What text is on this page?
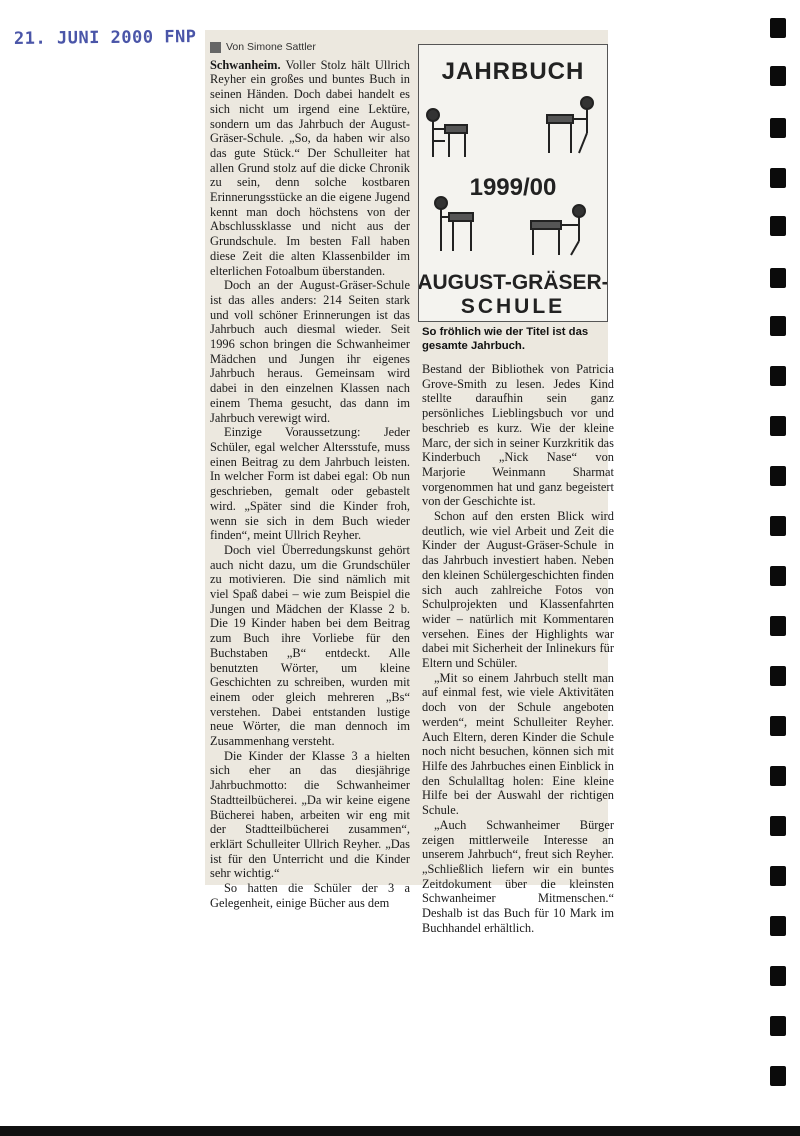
21. JUNI 2000 FNP	Von Simone Sattler

Schwanheim. Voller Stolz hält Ullrich Reyher ein großes und buntes Buch in seinen Händen. Doch dabei handelt es sich nicht um irgend eine Lektüre, sondern um das Jahrbuch der August-Gräser-Schule. „So, da haben wir also das gute Stück.“ Der Schulleiter hat allen Grund stolz auf die dicke Chronik zu sein, denn solche kostbaren Erinnerungsstücke an die eigene Jugend kennt man doch höchstens von der Abschlussklasse und nicht aus der Grundschule. Im besten Fall haben diese Zeit die alten Klassenbilder im elterlichen Fotoalbum überstanden.

Doch an der August-Gräser-Schule ist das alles anders: 214 Seiten stark und voll schöner Erinnerungen ist das Jahrbuch auch diesmal wieder. Seit 1996 schon bringen die Schwanheimer Mädchen und Jungen ihr eigenes Jahrbuch heraus. Gemeinsam wird dabei in den einzelnen Klassen nach einem Thema gesucht, das dann im Jahrbuch verewigt wird.

Einzige Voraussetzung: Jeder Schüler, egal welcher Altersstufe, muss einen Beitrag zu dem Jahrbuch leisten. In welcher Form ist dabei egal: Ob nun geschrieben, gemalt oder gebastelt wird. „Später sind die Kinder froh, wenn sie sich in dem Buch wieder finden“, meint Ullrich Reyher.

Doch viel Überredungskunst gehört auch nicht dazu, um die Grundschüler zu motivieren. Die sind nämlich mit viel Spaß dabei – wie zum Beispiel die Jungen und Mädchen der Klasse 2 b. Die 19 Kinder haben bei dem Beitrag zum Buch ihre Vorliebe für den Buchstaben „B“ entdeckt. Alle benutzten Wörter, um kleine Geschichten zu schreiben, wurden mit einem oder gleich mehreren „Bs“ verstehen. Dabei entstanden lustige neue Wörter, die man dennoch im Zusammenhang versteht.

Die Kinder der Klasse 3 a hielten sich eher an das diesjährige Jahrbuchmotto: die Schwanheimer Stadtteilbücherei. „Da wir keine eigene Bücherei haben, arbeiten wir eng mit der Stadtteilbücherei zusammen“, erklärt Schulleiter Ullrich Reyher. „Das ist für den Unterricht und die Kinder sehr wichtig.“

So hatten die Schüler der 3 a Gelegenheit, einige Bücher aus dem

JAHRBUCH
1999/00
AUGUST-GRÄSER-
SCHULE
So fröhlich wie der Titel ist das gesamte Jahrbuch.

Bestand der Bibliothek von Patricia Grove-Smith zu lesen. Jedes Kind stellte daraufhin sein ganz persönliches Lieblingsbuch vor und beschrieb es kurz. Wie der kleine Marc, der sich in seiner Kurzkritik das Kinderbuch „Nick Nase“ von Marjorie Weinmann Sharmat vorgenommen hat und ganz begeistert von der Geschichte ist.

Schon auf den ersten Blick wird deutlich, wie viel Arbeit und Zeit die Kinder der August-Gräser-Schule in das Jahrbuch investiert haben. Neben den kleinen Schülergeschichten finden sich auch zahlreiche Fotos von Schulprojekten und Klassenfahrten wider – natürlich mit Kommentaren versehen. Eines der Highlights war dabei mit Sicherheit der Inlinekurs für Eltern und Schüler.

„Mit so einem Jahrbuch stellt man auf einmal fest, wie viele Aktivitäten doch von der Schule angeboten werden“, meint Schulleiter Reyher. Auch Eltern, deren Kinder die Schule noch nicht besuchen, können sich mit Hilfe des Jahrbuches einen Einblick in den Schulalltag holen: Eine kleine Hilfe bei der Auswahl der richtigen Schule.

„Auch Schwanheimer Bürger zeigen mittlerweile Interesse an unserem Jahrbuch“, freut sich Reyher. „Schließlich liefern wir ein buntes Zeitdokument über die kleinsten Schwanheimer Mitmenschen.“ Deshalb ist das Buch für 10 Mark im Buchhandel erhältlich.
